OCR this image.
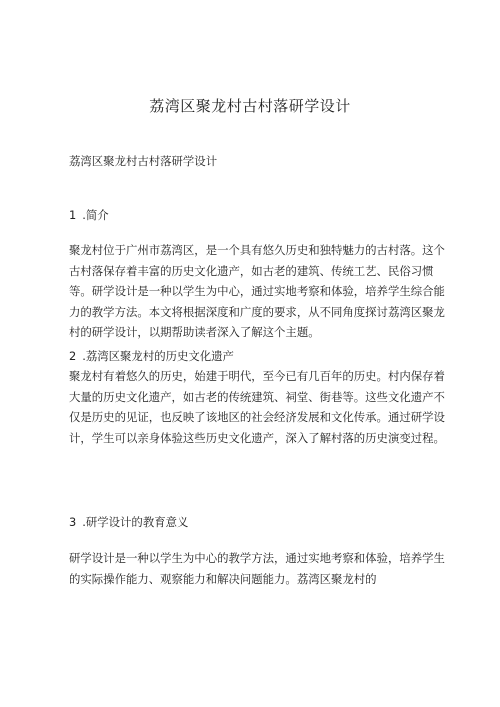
荔湾区聚龙村古村落研学设计
荔湾区聚龙村古村落研学设计
1 .简介
聚龙村位于广州市荔湾区，是一个具有悠久历史和独特魅力的古村落。这个
古村落保存着丰富的历史文化遗产，如古老的建筑、传统工艺、民俗习惯
等。研学设计是一种以学生为中心，通过实地考察和体验，培养学生综合能
力的教学方法。本文将根据深度和广度的要求，从不同角度探讨荔湾区聚龙
村的研学设计，以期帮助读者深入了解这个主题。
2 .荔湾区聚龙村的历史文化遗产
聚龙村有着悠久的历史，始建于明代，至今已有几百年的历史。村内保存着
大量的历史文化遗产，如古老的传统建筑、祠堂、街巷等。这些文化遗产不
仅是历史的见证，也反映了该地区的社会经济发展和文化传承。通过研学设
计，学生可以亲身体验这些历史文化遗产，深入了解村落的历史演变过程。
3 .研学设计的教育意义
研学设计是一种以学生为中心的教学方法，通过实地考察和体验，培养学生
的实际操作能力、观察能力和解决问题能力。荔湾区聚龙村的
